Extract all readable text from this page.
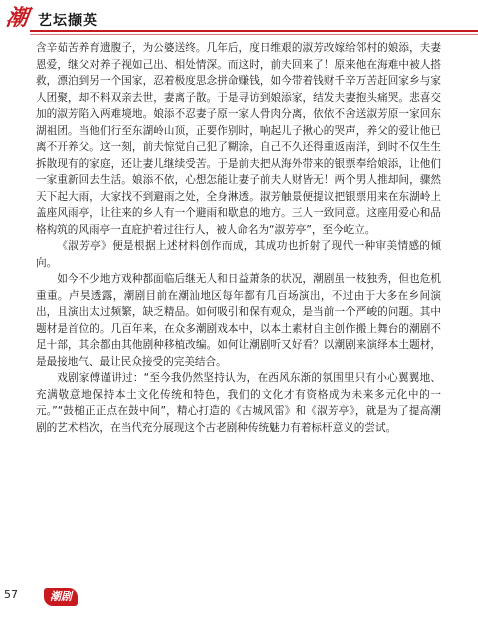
潮 艺坛撷英

含辛茹苦养育遗腹子，为公婆送终。几年后，度日维艰的淑芳改嫁给邻村的娘添，夫妻恩爱，继父对养子视如己出、相处情深。而这时，前夫回来了！原来他在海难中被人搭救，漂泊到另一个国家，忍着极度思念拼命赚钱，如今带着钱财千辛万苦赶回家乡与家人团聚，却不料双亲去世，妻离子散。于是寻访到娘添家，结发夫妻抱头痛哭。悲喜交加的淑芳陷入两难境地。娘添不忍妻子原一家人骨肉分离，依依不舍送淑芳原一家回东湖祖团。当他们行至东湖岭山顶，正要作别时，响起儿子揪心的哭声，养父的爱让他已离不开养父。这一刻，前夫惊觉自己犯了糊涂，自己不久还得重返南洋，到时不仅生生拆散现有的家庭，还让妻儿继续受苦。于是前夫把从海外带来的银票奉给娘添，让他们一家重新回去生活。娘添不依，心想怎能让妻子前夫人财皆无！两个男人推却间，骤然天下起大雨，大家找不到避雨之处，全身淋透。淑芳触景便提议把银票用来在东湖岭上盖座风雨亭，让往来的乡人有一个避雨和歇息的地方。三人一致同意。这座用爱心和品格构筑的风雨亭一直庇护着过往行人，被人命名为“淑芳亭”，至今屹立。

《淑芳亭》便是根据上述材料创作而成，其成功也折射了现代一种审美情感的倾向。

如今不少地方戏种都面临后继无人和日益萧条的状况，潮剧虽一枝独秀，但也危机重重。卢昊透露，潮剧目前在潮汕地区每年都有几百场演出，不过由于大多在乡间演出，且演出太过频繁，缺乏精品。如何吸引和保有观众，是当前一个严峻的问题。其中题材是首位的。几百年来，在众多潮剧戏本中，以本土素材自主创作搬上舞台的潮剧不足十部，其余都由其他剧种移植改编。如何让潮剧听又好看？以潮剧来演绎本土题材，是最接地气、最让民众接受的完美结合。

戏剧家傅谨讲过：“至今我仍然坚持认为，在西风东渐的氛围里只有小心翼翼地、充满敬意地保持本土文化传统和特色，我们的文化才有资格成为未来多元化中的一元。”“鼓槌正正点在鼓中间”，精心打造的《古城风雷》和《淑芳亭》，就是为了提高潮剧的艺术档次，在当代充分展现这个古老剧种传统魅力有着标杆意义的尝试。

57	潮剧
